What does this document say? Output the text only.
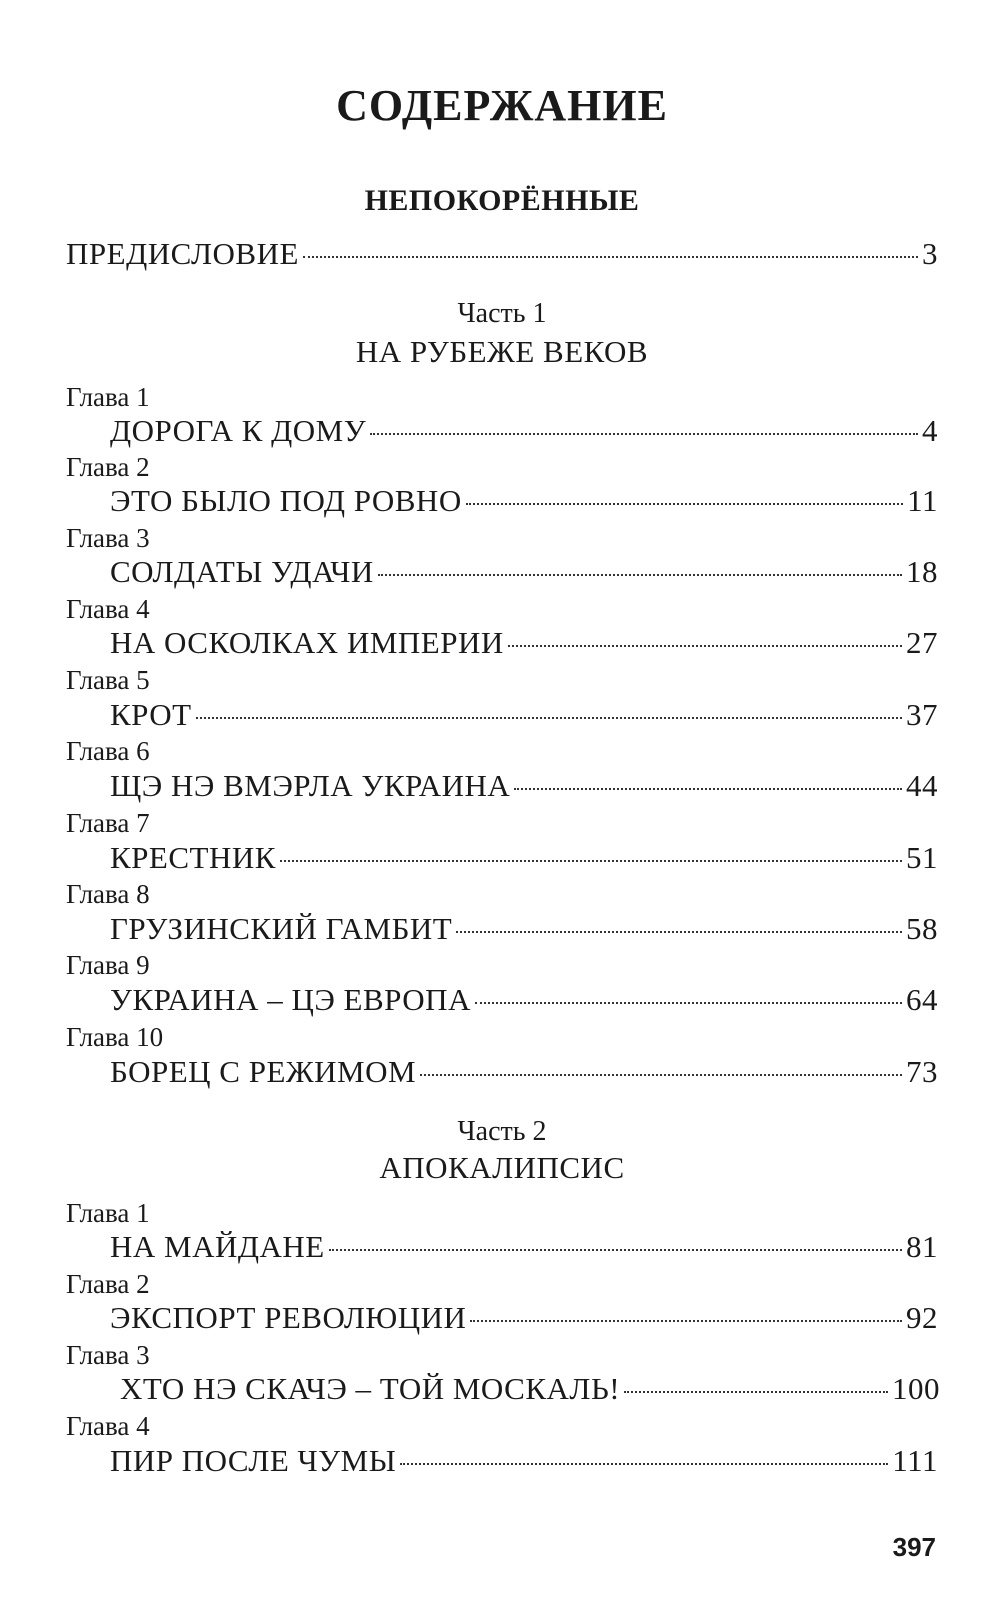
СОДЕРЖАНИЕ
НЕПОКОРЁННЫЕ
ПРЕДИСЛОВИЕ	3
Часть 1
НА РУБЕЖЕ ВЕКОВ
Глава 1
ДОРОГА К ДОМУ	4
Глава 2
ЭТО БЫЛО ПОД РОВНО	11
Глава 3
СОЛДАТЫ УДАЧИ	18
Глава 4
НА ОСКОЛКАХ ИМПЕРИИ	27
Глава 5
КРОТ	37
Глава 6
ЩЭ НЭ ВМЭРЛА УКРАИНА	44
Глава 7
КРЕСТНИК	51
Глава 8
ГРУЗИНСКИЙ ГАМБИТ	58
Глава 9
УКРАИНА – ЦЭ ЕВРОПА	64
Глава 10
БОРЕЦ С РЕЖИМОМ	73
Часть 2
АПОКАЛИПСИС
Глава 1
НА МАЙДАНЕ	81
Глава 2
ЭКСПОРТ РЕВОЛЮЦИИ	92
Глава 3
ХТО НЭ СКАЧЭ – ТОЙ МОСКАЛЬ!	100
Глава 4
ПИР ПОСЛЕ ЧУМЫ	111
397
